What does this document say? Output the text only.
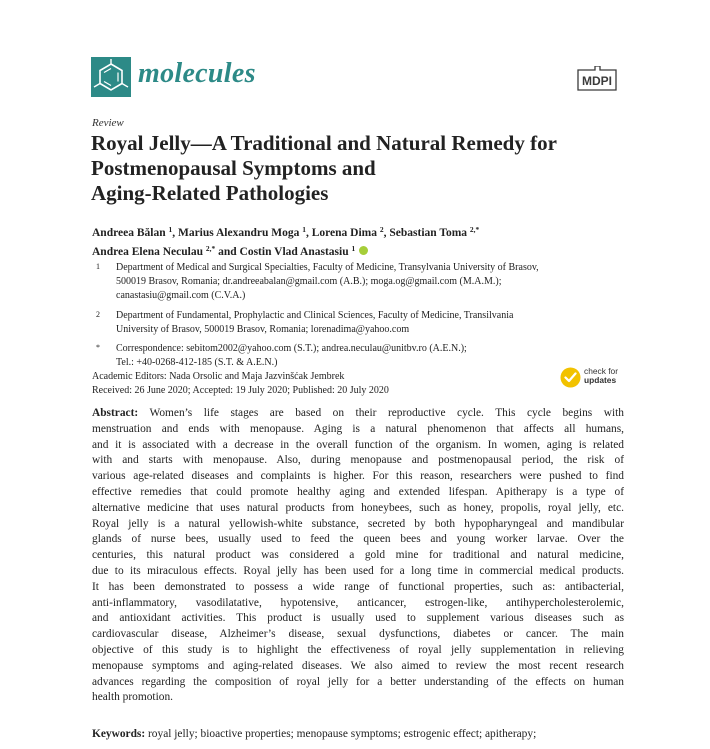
molecules	MDPI
Review
Royal Jelly—A Traditional and Natural Remedy for
Postmenopausal Symptoms and
Aging-Related Pathologies
Andreea Bălan $^1$, Marius Alexandru Moga $^1$, Lorena Dima $^2$, Sebastian Toma $^{2,*}$
Andrea Elena Neculau $^{2,*}$ and Costin Vlad Anastasiu $^1$
1 Department of Medical and Surgical Specialties, Faculty of Medicine, Transylvania University of Brasov,
500019 Brasov, Romania; dr.andreeabalan@gmail.com (A.B.); moga.og@gmail.com (M.A.M.);
canastasiu@gmail.com (C.V.A.)
2 Department of Fundamental, Prophylactic and Clinical Sciences, Faculty of Medicine, Transilvania
University of Brasov, 500019 Brasov, Romania; lorenadima@yahoo.com
* Correspondence: sebitom2002@yahoo.com (S.T.); andrea.neculau@unitbv.ro (A.E.N.);
Tel.: +40-0268-412-185 (S.T. & A.E.N.)
Academic Editors: Nada Orsolic and Maja Jazvinšćak Jembrek
Received: 26 June 2020; Accepted: 19 July 2020; Published: 20 July 2020
check for
updates
Abstract: Women’s life stages are based on their reproductive cycle. This cycle begins with
menstruation and ends with menopause. Aging is a natural phenomenon that affects all humans,
and it is associated with a decrease in the overall function of the organism. In women, aging is related
with and starts with menopause. Also, during menopause and postmenopausal period, the risk of
various age-related diseases and complaints is higher. For this reason, researchers were pushed to find
effective remedies that could promote healthy aging and extended lifespan. Apitherapy is a type of
alternative medicine that uses natural products from honeybees, such as honey, propolis, royal jelly, etc.
Royal jelly is a natural yellowish-white substance, secreted by both hypopharyngeal and mandibular
glands of nurse bees, usually used to feed the queen bees and young worker larvae. Over the
centuries, this natural product was considered a gold mine for traditional and natural medicine,
due to its miraculous effects. Royal jelly has been used for a long time in commercial medical products.
It has been demonstrated to possess a wide range of functional properties, such as: antibacterial,
anti-inflammatory, vasodilatative, hypotensive, anticancer, estrogen-like, antihypercholesterolemic,
and antioxidant activities. This product is usually used to supplement various diseases such as
cardiovascular disease, Alzheimer’s disease, sexual dysfunctions, diabetes or cancer. The main
objective of this study is to highlight the effectiveness of royal jelly supplementation in relieving
menopause symptoms and aging-related diseases. We also aimed to review the most recent research
advances regarding the composition of royal jelly for a better understanding of the effects on human
health promotion.
Keywords: royal jelly; bioactive properties; menopause symptoms; estrogenic effect; apitherapy;
